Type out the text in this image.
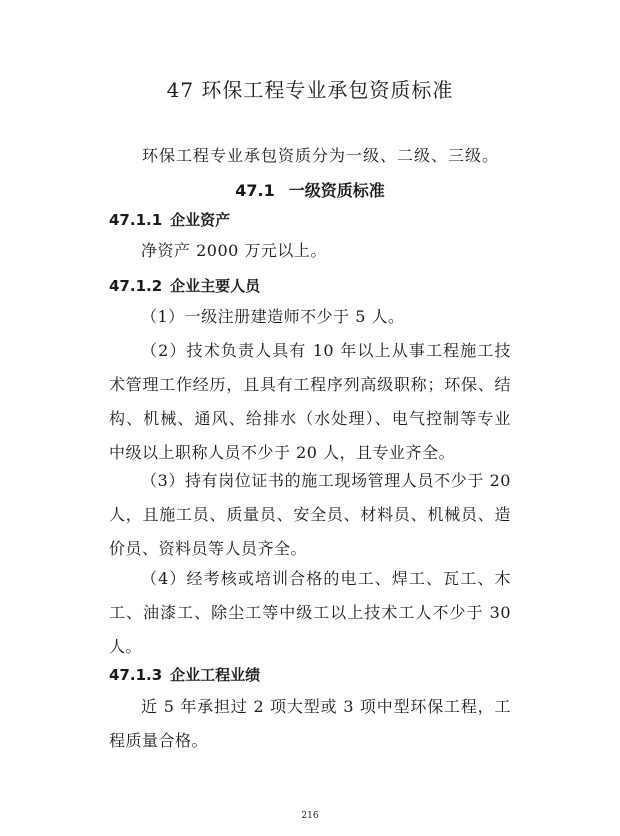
47 环保工程专业承包资质标准
环保工程专业承包资质分为一级、二级、三级。
47.1 一级资质标准
47.1.1 企业资产
净资产 2000 万元以上。
47.1.2 企业主要人员
（1）一级注册建造师不少于 5 人。
（2）技术负责人具有 10 年以上从事工程施工技术管理工作经历，且具有工程序列高级职称；环保、结构、机械、通风、给排水（水处理）、电气控制等专业中级以上职称人员不少于 20 人，且专业齐全。
（3）持有岗位证书的施工现场管理人员不少于 20 人，且施工员、质量员、安全员、材料员、机械员、造价员、资料员等人员齐全。
（4）经考核或培训合格的电工、焊工、瓦工、木工、油漆工、除尘工等中级工以上技术工人不少于 30 人。
47.1.3 企业工程业绩
近 5 年承担过 2 项大型或 3 项中型环保工程，工程质量合格。
216
